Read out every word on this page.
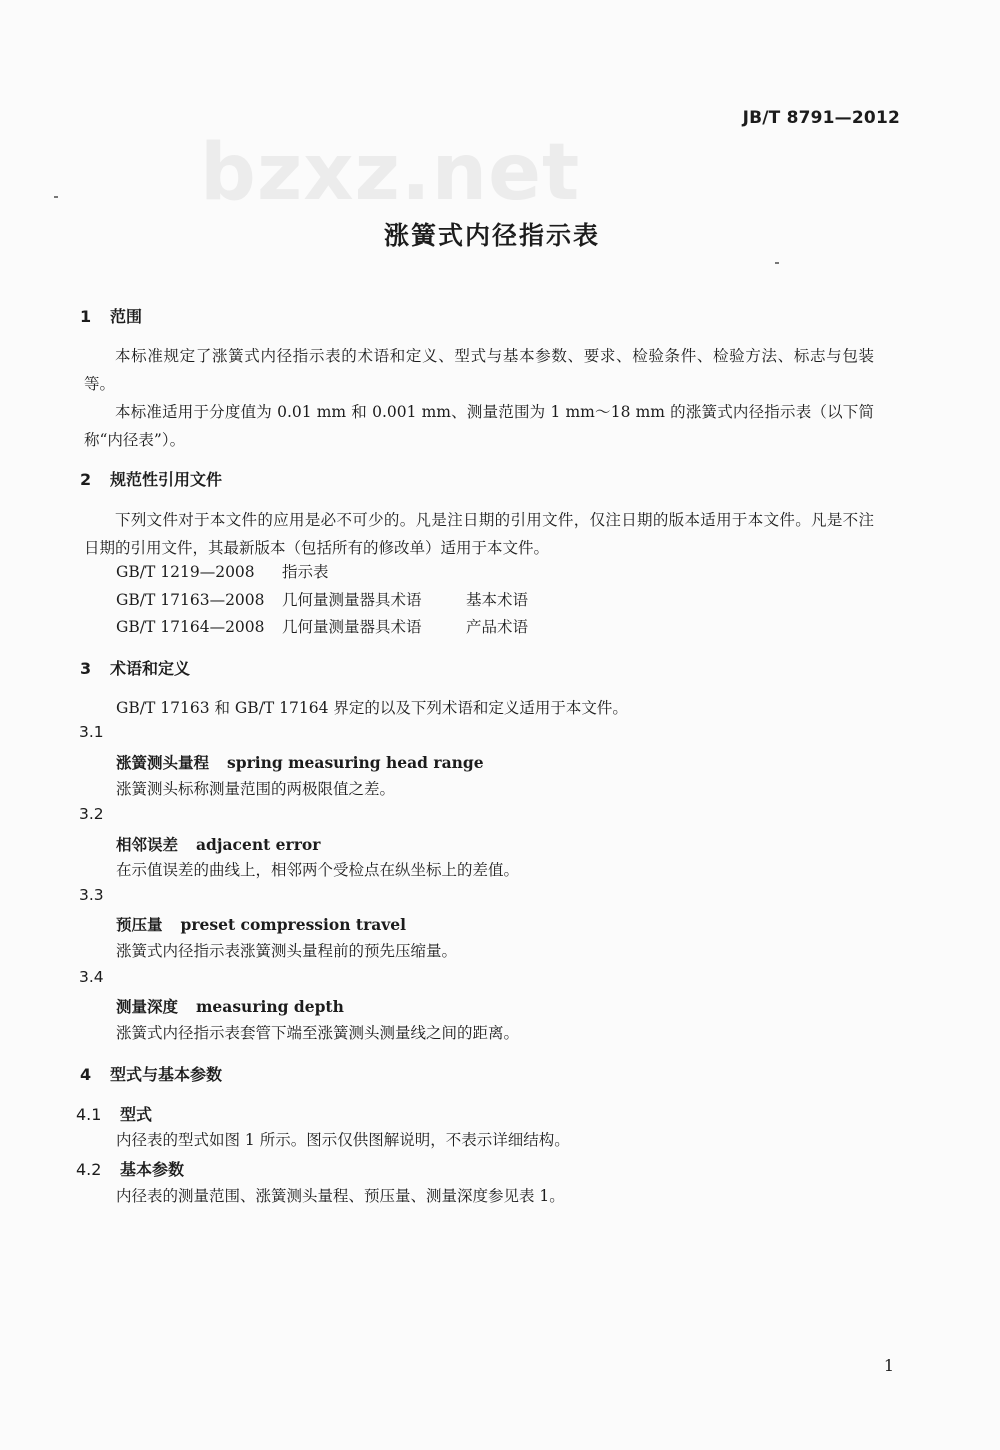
bzxz.net
JB/T 8791—2012
涨簧式内径指示表
1 范围
本标准规定了涨簧式内径指示表的术语和定义、型式与基本参数、要求、检验条件、检验方法、标志与包装等。
本标准适用于分度值为 0.01 mm 和 0.001 mm、测量范围为 1 mm～18 mm 的涨簧式内径指示表（以下简称“内径表”）。
2 规范性引用文件
下列文件对于本文件的应用是必不可少的。凡是注日期的引用文件，仅注日期的版本适用于本文件。凡是不注日期的引用文件，其最新版本（包括所有的修改单）适用于本文件。
GB/T 1219—2008 指示表
GB/T 17163—2008 几何量测量器具术语	基本术语
GB/T 17164—2008 几何量测量器具术语	产品术语
3 术语和定义
GB/T 17163 和 GB/T 17164 界定的以及下列术语和定义适用于本文件。
3.1
涨簧测头量程 spring measuring head range
涨簧测头标称测量范围的两极限值之差。
3.2
相邻误差 adjacent error
在示值误差的曲线上，相邻两个受检点在纵坐标上的差值。
3.3
预压量 preset compression travel
涨簧式内径指示表涨簧测头量程前的预先压缩量。
3.4
测量深度 measuring depth
涨簧式内径指示表套管下端至涨簧测头测量线之间的距离。
4 型式与基本参数
4.1 型式
内径表的型式如图 1 所示。图示仅供图解说明，不表示详细结构。
4.2 基本参数
内径表的测量范围、涨簧测头量程、预压量、测量深度参见表 1。
1
